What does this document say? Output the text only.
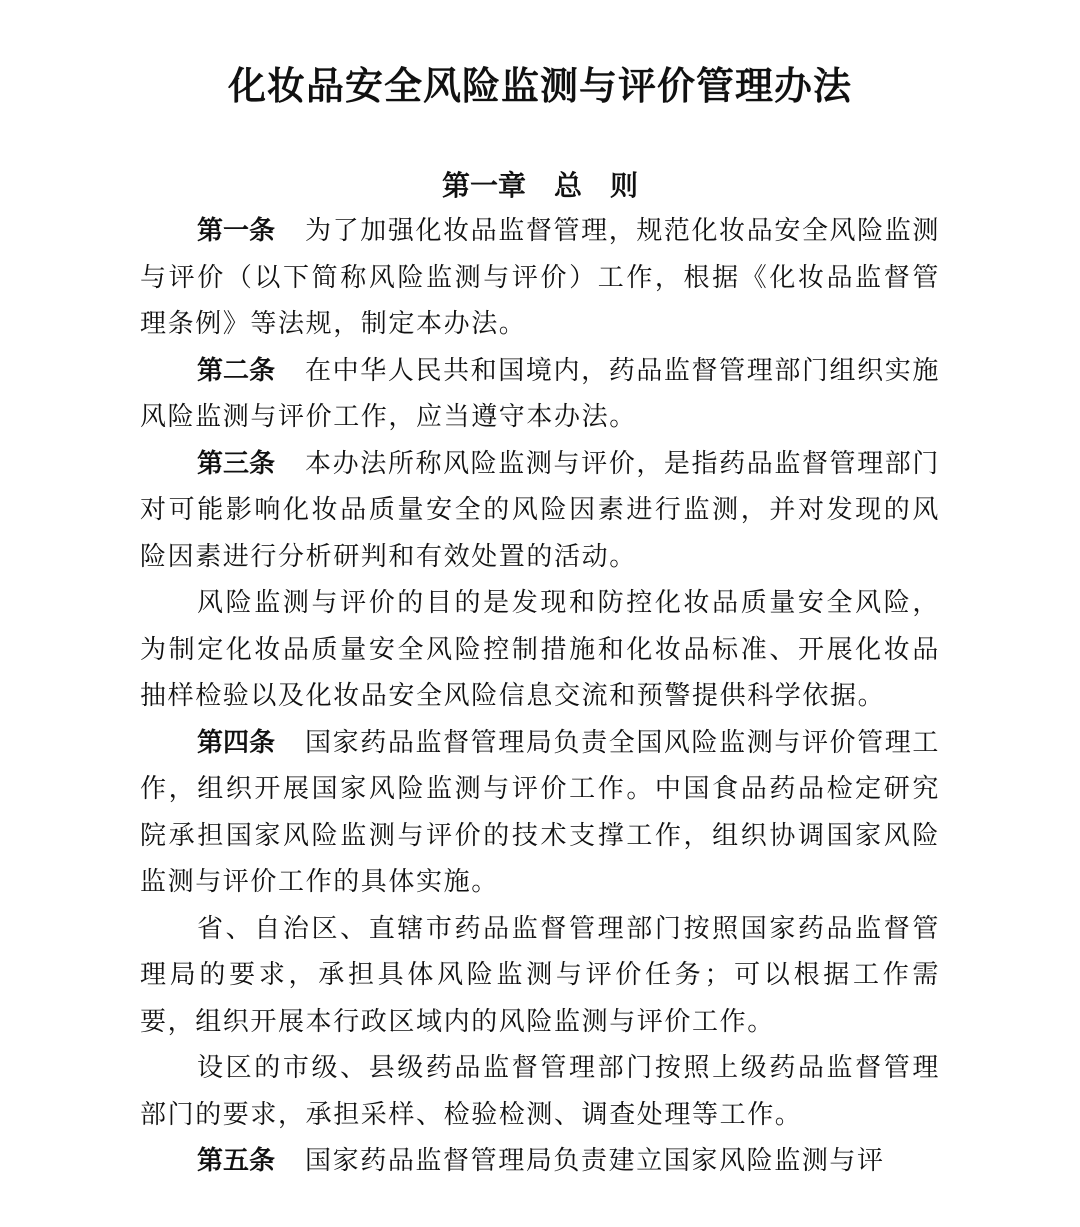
化妆品安全风险监测与评价管理办法
第一章　总　则

第一条 为了加强化妆品监督管理，规范化妆品安全风险监测与评价（以下简称风险监测与评价）工作，根据《化妆品监督管理条例》等法规，制定本办法。

第二条 在中华人民共和国境内，药品监督管理部门组织实施风险监测与评价工作，应当遵守本办法。

第三条 本办法所称风险监测与评价，是指药品监督管理部门对可能影响化妆品质量安全的风险因素进行监测，并对发现的风险因素进行分析研判和有效处置的活动。

风险监测与评价的目的是发现和防控化妆品质量安全风险，为制定化妆品质量安全风险控制措施和化妆品标准、开展化妆品抽样检验以及化妆品安全风险信息交流和预警提供科学依据。

第四条 国家药品监督管理局负责全国风险监测与评价管理工作，组织开展国家风险监测与评价工作。中国食品药品检定研究院承担国家风险监测与评价的技术支撑工作，组织协调国家风险监测与评价工作的具体实施。

省、自治区、直辖市药品监督管理部门按照国家药品监督管理局的要求，承担具体风险监测与评价任务；可以根据工作需要，组织开展本行政区域内的风险监测与评价工作。

设区的市级、县级药品监督管理部门按照上级药品监督管理部门的要求，承担采样、检验检测、调查处理等工作。

第五条 国家药品监督管理局负责建立国家风险监测与评
